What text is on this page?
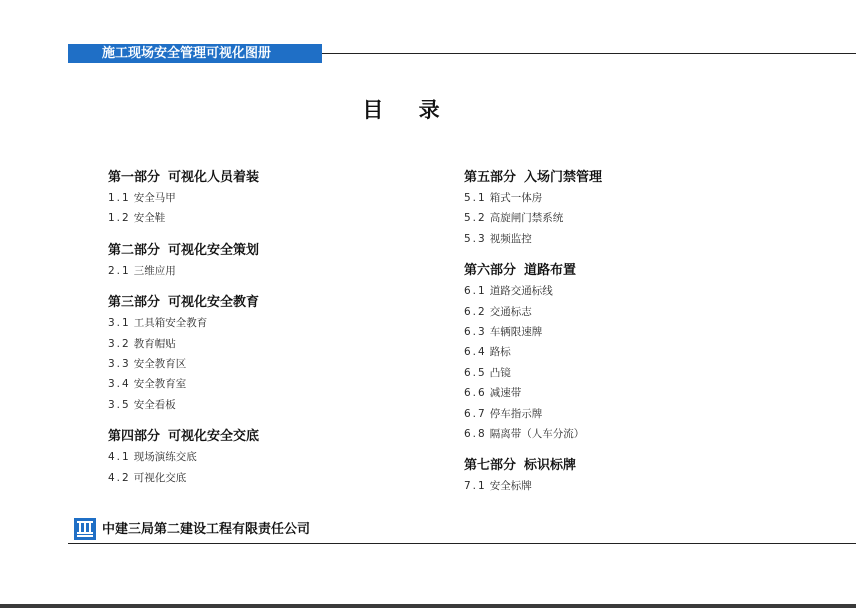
施工现场安全管理可视化图册
目 录
第一部分 可视化人员着装
1.1 安全马甲
1.2 安全鞋
第二部分 可视化安全策划
2.1 三维应用
第三部分 可视化安全教育
3.1 工具箱安全教育
3.2 教育帽贴
3.3 安全教育区
3.4 安全教育室
3.5 安全看板
第四部分 可视化安全交底
4.1 现场演练交底
4.2 可视化交底
第五部分 入场门禁管理
5.1 箱式一体房
5.2 高旋闸门禁系统
5.3 视频监控
第六部分 道路布置
6.1 道路交通标线
6.2 交通标志
6.3 车辆限速牌
6.4 路标
6.5 凸镜
6.6 减速带
6.7 停车指示牌
6.8 隔离带（人车分流）
第七部分 标识标牌
7.1 安全标牌
中建三局第二建设工程有限责任公司
